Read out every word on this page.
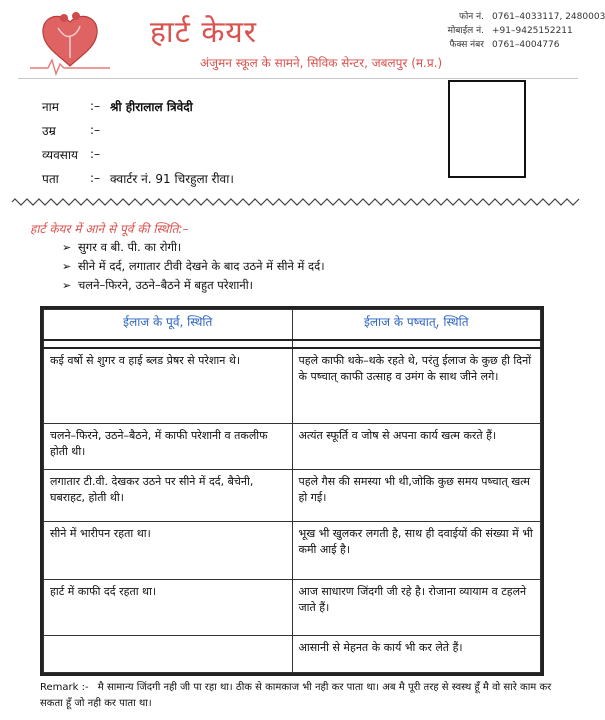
हार्ट केयर
अंजुमन स्कूल के सामने, सिविक सेन्टर, जबलपुर (म.प्र.)
फोन नं. 0761–4033117, 2480003
मोबाईल नं. +91–9425152211
फैक्स नंबर 0761–4004776
नाम	:– श्री हीरालाल त्रिवेदी
उम्र	:–
व्यवसाय	:–
पता	:– क्वार्टर नं. 91 चिरहुला रीवा।
हार्ट केयर में आने से पूर्व की स्थिति:–
➢ सुगर व बी. पी. का रोगी।
➢ सीने में दर्द, लगातार टीवी देखने के बाद उठने में सीने में दर्द।
➢ चलने–फिरने, उठने–बैठने में बहुत परेशानी।
ईलाज के पूर्व, स्थिति	ईलाज के पष्चात्, स्थिति

कई वर्षो से शुगर व हाई ब्लड प्रेषर से परेशान थे।	पहले काफी थके–थके रहते थे, परंतु ईलाज के कुछ ही दिनों के पष्चात् काफी उत्साह व उमंग के साथ जीने लगे।
चलने–फिरने, उठने–बैठने, में काफी परेशानी व तकलीफ होती थी।	अत्यंत स्फूर्ति व जोष से अपना कार्य खत्म करते हैं।
लगातार टी.वी. देखकर उठने पर सीने में दर्द, बैचेनी, घबराहट, होती थी।	पहले गैस की समस्या भी थी,जोकि कुछ समय पष्चात् खत्म हो गई।
सीने में भारीपन रहता था।	भूख भी खुलकर लगती है, साथ ही दवाईयों की संख्या में भी कमी आई है।
हार्ट में काफी दर्द रहता था।	आज साधारण जिंदगी जी रहे है। रोजाना व्यायाम व टहलने जाते हैं।
	आसानी से मेहनत के कार्य भी कर लेते हैं।
Remark :- मै सामान्य जिंदगी नही जी पा रहा था। ठीक से कामकाज भी नही कर पाता था। अब मै पूरी तरह से स्वस्थ हूँ मै वो सारे काम कर सकता हूँ जो नही कर पाता था।
